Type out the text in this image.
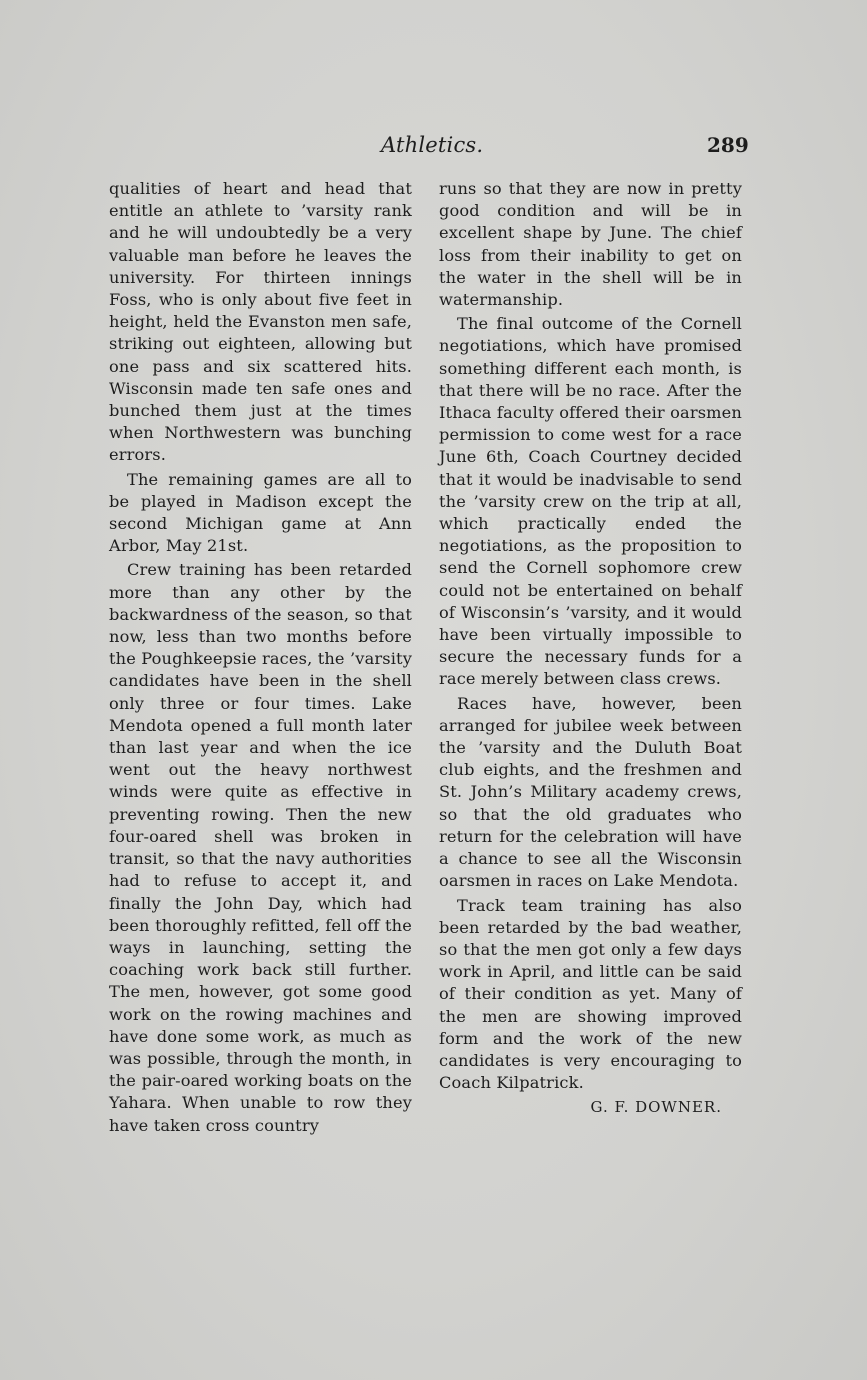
Athletics.	289

qualities of heart and head that entitle an athlete to ’varsity rank and he will undoubtedly be a very valuable man before he leaves the university. For thirteen innings Foss, who is only about five feet in height, held the Evanston men safe, striking out eighteen, allowing but one pass and six scattered hits. Wisconsin made ten safe ones and bunched them just at the times when Northwestern was bunching errors.

The remaining games are all to be played in Madison except the second Michigan game at Ann Arbor, May 21st.

Crew training has been retarded more than any other by the backwardness of the season, so that now, less than two months before the Poughkeepsie races, the ’varsity candidates have been in the shell only three or four times. Lake Mendota opened a full month later than last year and when the ice went out the heavy northwest winds were quite as effective in preventing rowing. Then the new four-oared shell was broken in transit, so that the navy authorities had to refuse to accept it, and finally the John Day, which had been thoroughly refitted, fell off the ways in launching, setting the coaching work back still further. The men, however, got some good work on the rowing machines and have done some work, as much as was possible, through the month, in the pair-oared working boats on the Yahara. When unable to row they have taken cross country

runs so that they are now in pretty good condition and will be in excellent shape by June. The chief loss from their inability to get on the water in the shell will be in watermanship.

The final outcome of the Cornell negotiations, which have promised something different each month, is that there will be no race. After the Ithaca faculty offered their oarsmen permission to come west for a race June 6th, Coach Courtney decided that it would be inadvisable to send the ’varsity crew on the trip at all, which practically ended the negotiations, as the proposition to send the Cornell sophomore crew could not be entertained on behalf of Wisconsin’s ’varsity, and it would have been virtually impossible to secure the necessary funds for a race merely between class crews.

Races have, however, been arranged for jubilee week between the ’varsity and the Duluth Boat club eights, and the freshmen and St. John’s Military academy crews, so that the old graduates who return for the celebration will have a chance to see all the Wisconsin oarsmen in races on Lake Mendota.

Track team training has also been retarded by the bad weather, so that the men got only a few days work in April, and little can be said of their condition as yet. Many of the men are showing improved form and the work of the new candidates is very encouraging to Coach Kilpatrick.

G. F. DOWNER.
